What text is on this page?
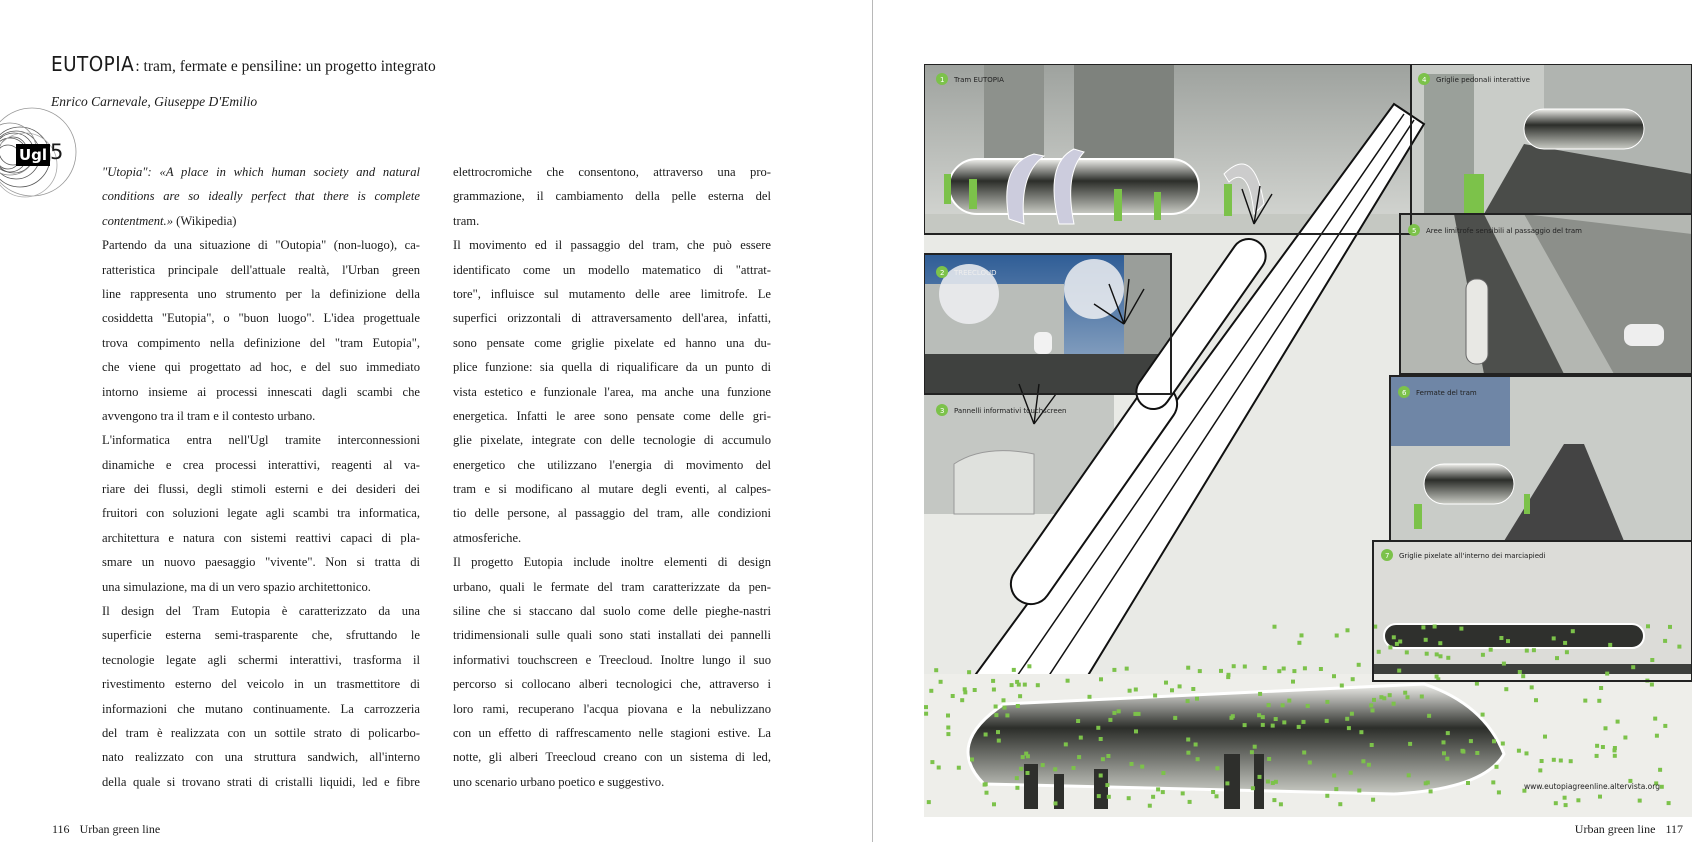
EUTOPIA: tram, fermate e pensiline: un progetto integrato
Enrico Carnevale, Giuseppe D'Emilio
Ugl 5
"Utopia": «A place in which human society and natural
conditions are so ideally perfect that there is complete
contentment.» (Wikipedia)
Partendo da una situazione di "Outopia" (non-luogo), ca-
ratteristica principale dell'attuale realtà, l'Urban green
line rappresenta uno strumento per la definizione della
cosiddetta "Eutopia", o "buon luogo". L'idea progettuale
trova compimento nella definizione del "tram Eutopia",
che viene qui progettato ad hoc, e del suo immediato
intorno insieme ai processi innescati dagli scambi che
avvengono tra il tram e il contesto urbano.
L'informatica entra nell'Ugl tramite interconnessioni
dinamiche e crea processi interattivi, reagenti al va-
riare dei flussi, degli stimoli esterni e dei desideri dei
fruitori con soluzioni legate agli scambi tra informatica,
architettura e natura con sistemi reattivi capaci di pla-
smare un nuovo paesaggio "vivente". Non si tratta di
una simulazione, ma di un vero spazio architettonico.
Il design del Tram Eutopia è caratterizzato da una
superficie esterna semi-trasparente che, sfruttando le
tecnologie legate agli schermi interattivi, trasforma il
rivestimento esterno del veicolo in un trasmettitore di
informazioni che mutano continuamente. La carrozzeria
del tram è realizzata con un sottile strato di policarbo-
nato realizzato con una struttura sandwich, all'interno
della quale si trovano strati di cristalli liquidi, led e fibre
elettrocromiche che consentono, attraverso una pro-
grammazione, il cambiamento della pelle esterna del
tram.
Il movimento ed il passaggio del tram, che può essere
identificato come un modello matematico di "attrat-
tore", influisce sul mutamento delle aree limitrofe. Le
superfici orizzontali di attraversamento dell'area, infatti,
sono pensate come griglie pixelate ed hanno una du-
plice funzione: sia quella di riqualificare da un punto di
vista estetico e funzionale l'area, ma anche una funzione
energetica. Infatti le aree sono pensate come delle gri-
glie pixelate, integrate con delle tecnologie di accumulo
energetico che utilizzano l'energia di movimento del
tram e si modificano al mutare degli eventi, al calpes-
tio delle persone, al passaggio del tram, alle condizioni
atmosferiche.
Il progetto Eutopia include inoltre elementi di design
urbano, quali le fermate del tram caratterizzate da pen-
siline che si staccano dal suolo come delle pieghe-nastri
tridimensionali sulle quali sono stati installati dei pannelli
informativi touchscreen e Treecloud. Inoltre lungo il suo
percorso si collocano alberi tecnologici che, attraverso i
loro rami, recuperano l'acqua piovana e la nebulizzano
con un effetto di raffrescamento nelle stagioni estive. La
notte, gli alberi Treecloud creano con un sistema di led,
uno scenario urbano poetico e suggestivo.
1 Tram EUTOPIA
2 TREECLOUD
3 Pannelli informativi touchscreen
4 Griglie pedonali interattive
5 Aree limitrofe sensibili al passaggio del tram
6 Fermate del tram
7 Griglie pixelate all'interno dei marciapiedi
www.eutopiagreenline.altervista.org
116 Urban green line	Urban green line 117
